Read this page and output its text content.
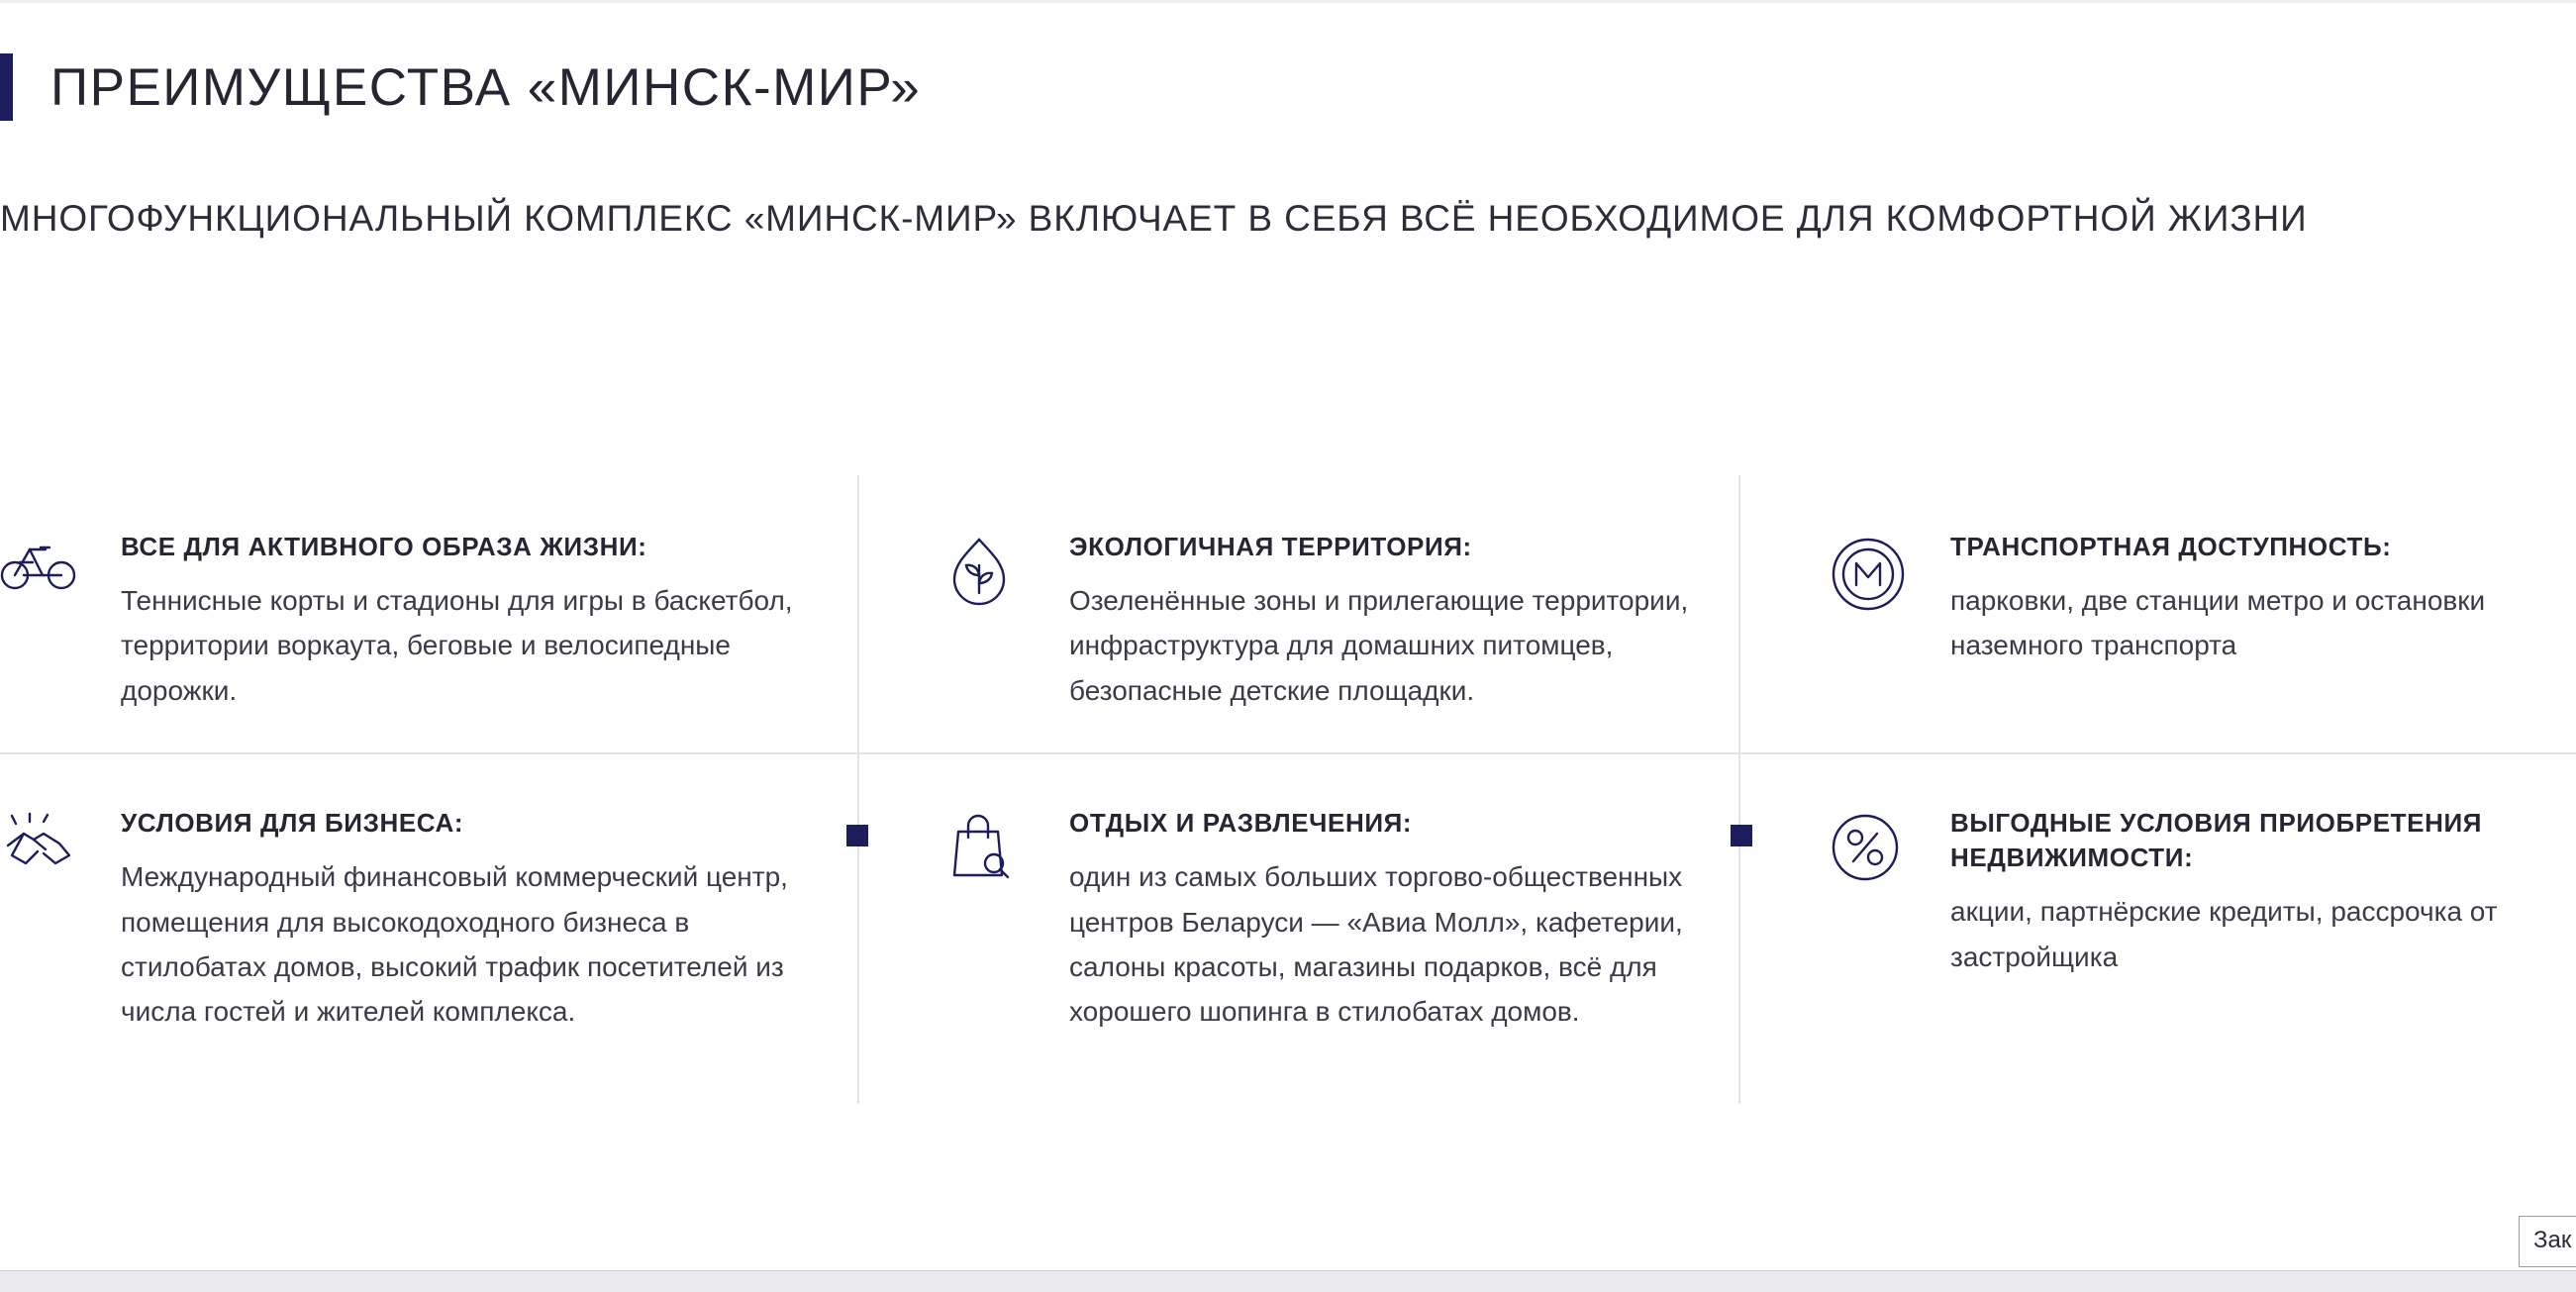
ПРЕИМУЩЕСТВА «МИНСК-МИР»
МНОГОФУНКЦИОНАЛЬНЫЙ КОМПЛЕКС «МИНСК-МИР» ВКЛЮЧАЕТ В СЕБЯ ВСЁ НЕОБХОДИМОЕ ДЛЯ КОМФОРТНОЙ ЖИЗНИ

ВСЕ ДЛЯ АКТИВНОГО ОБРАЗА ЖИЗНИ:

Теннисные корты и стадионы для игры в баскетбол, территории воркаута, беговые и велосипедные дорожки.

ЭКОЛОГИЧНАЯ ТЕРРИТОРИЯ:

Озеленённые зоны и прилегающие территории, инфраструктура для домашних питомцев, безопасные детские площадки.

ТРАНСПОРТНАЯ ДОСТУПНОСТЬ:

парковки, две станции метро и остановки наземного транспорта

УСЛОВИЯ ДЛЯ БИЗНЕСА:

Международный финансовый коммерческий центр, помещения для высокодоходного бизнеса в стилобатах домов, высокий трафик посетителей из числа гостей и жителей комплекса.

ОТДЫХ И РАЗВЛЕЧЕНИЯ:

один из самых больших торгово-общественных центров Беларуси — «Авиа Молл», кафетерии, салоны красоты, магазины подарков, всё для хорошего шопинга в стилобатах домов.

ВЫГОДНЫЕ УСЛОВИЯ ПРИОБРЕТЕНИЯ НЕДВИЖИМОСТИ:

акции, партнёрские кредиты, рассрочка от застройщика

Зак
